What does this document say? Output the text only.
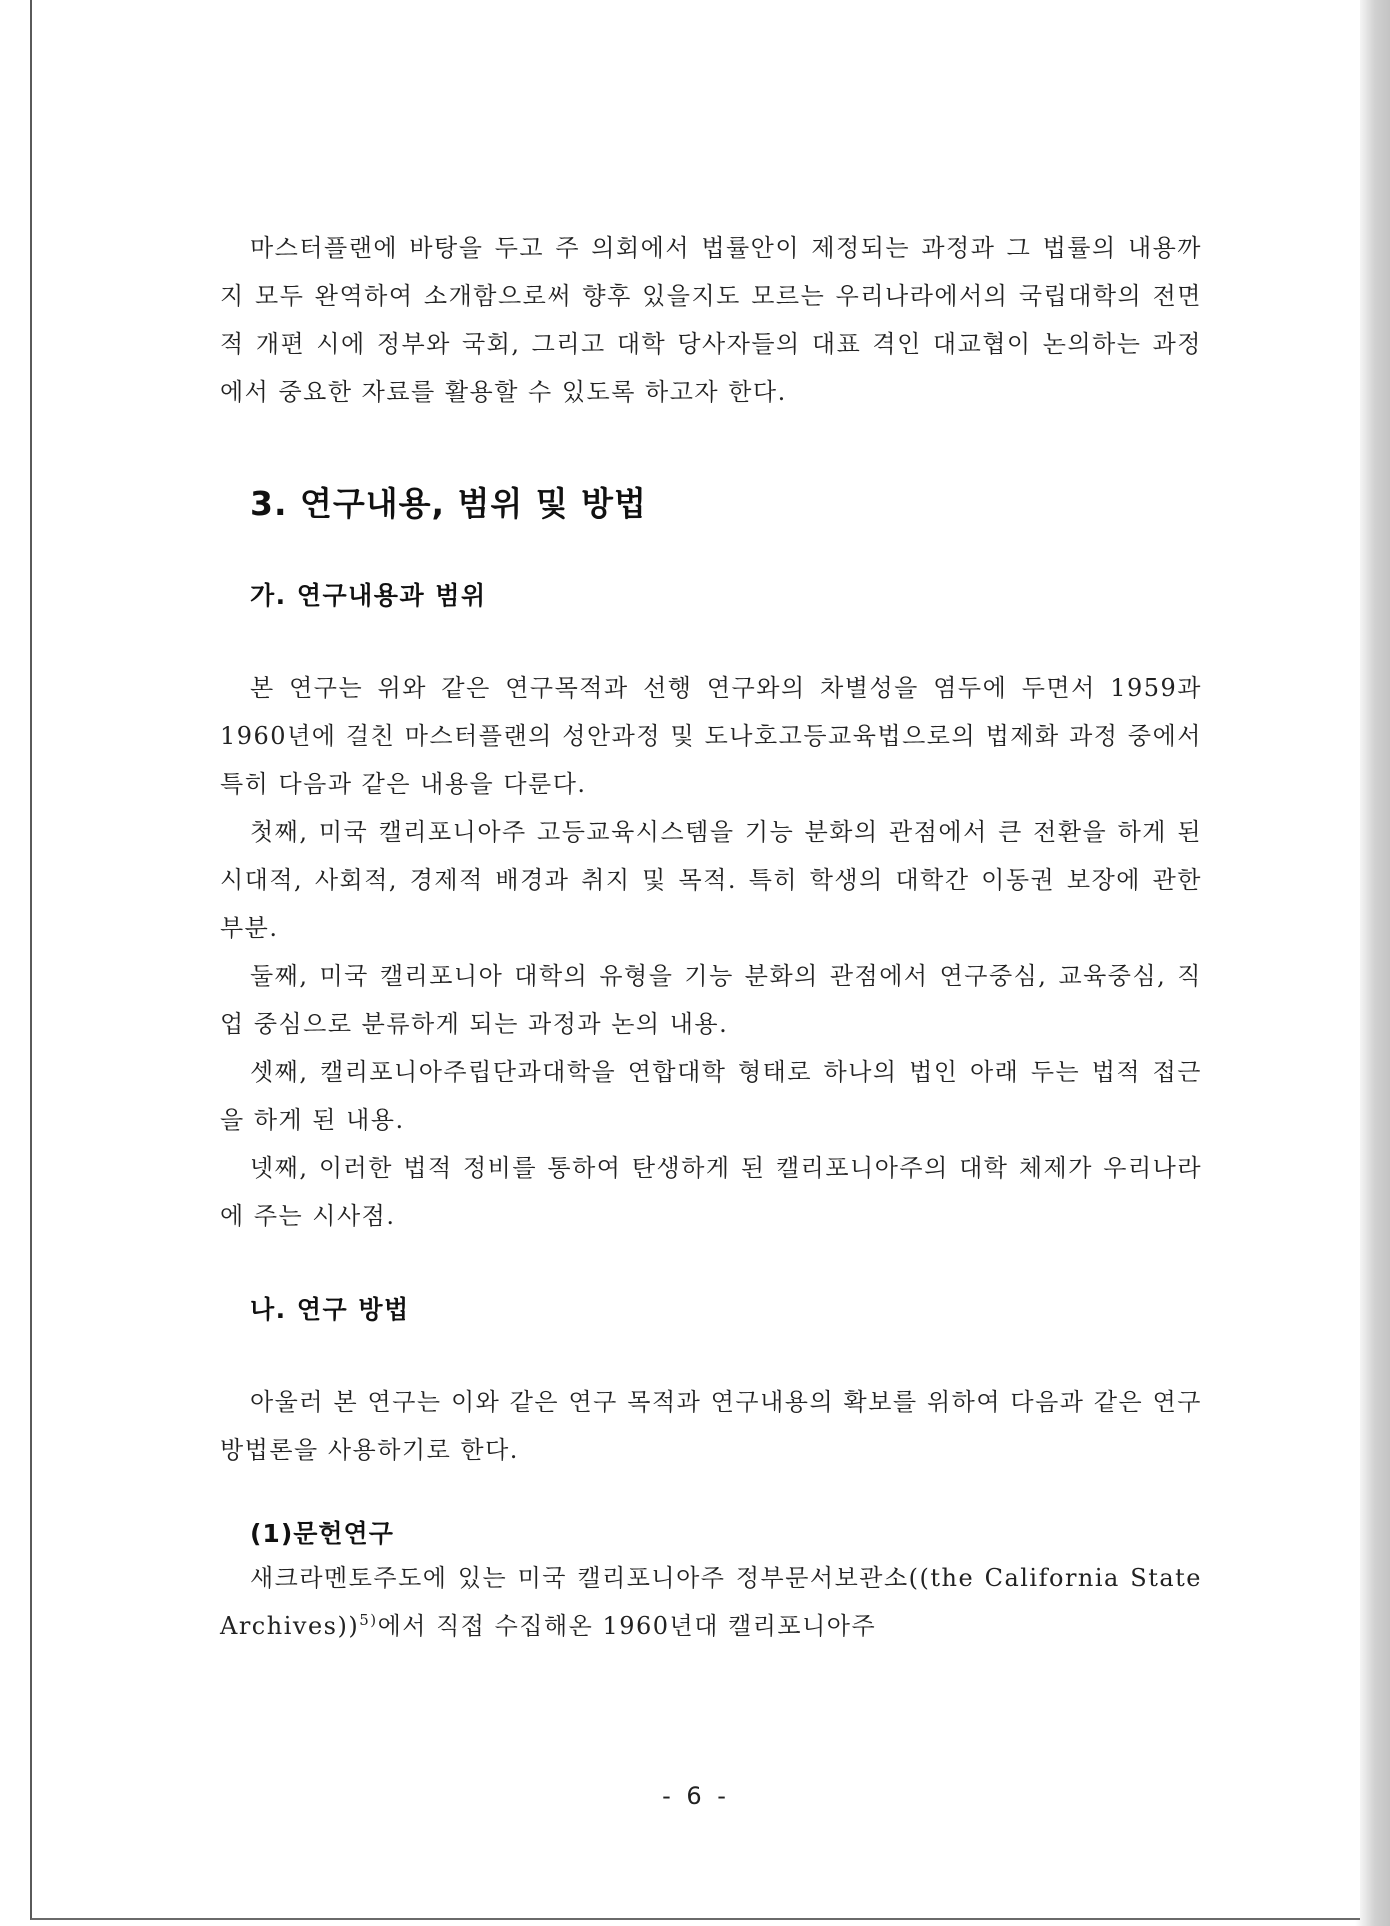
마스터플랜에 바탕을 두고 주 의회에서 법률안이 제정되는 과정과 그 법률의 내용까지 모두 완역하여 소개함으로써 향후 있을지도 모르는 우리나라에서의 국립대학의 전면적 개편 시에 정부와 국회, 그리고 대학 당사자들의 대표 격인 대교협이 논의하는 과정에서 중요한 자료를 활용할 수 있도록 하고자 한다.

3. 연구내용, 범위 및 방법
가. 연구내용과 범위

본 연구는 위와 같은 연구목적과 선행 연구와의 차별성을 염두에 두면서 1959과 1960년에 걸친 마스터플랜의 성안과정 및 도나호고등교육법으로의 법제화 과정 중에서 특히 다음과 같은 내용을 다룬다.

첫째, 미국 캘리포니아주 고등교육시스템을 기능 분화의 관점에서 큰 전환을 하게 된 시대적, 사회적, 경제적 배경과 취지 및 목적. 특히 학생의 대학간 이동권 보장에 관한 부분.

둘째, 미국 캘리포니아 대학의 유형을 기능 분화의 관점에서 연구중심, 교육중심, 직업 중심으로 분류하게 되는 과정과 논의 내용.

셋째, 캘리포니아주립단과대학을 연합대학 형태로 하나의 법인 아래 두는 법적 접근을 하게 된 내용.

넷째, 이러한 법적 정비를 통하여 탄생하게 된 캘리포니아주의 대학 체제가 우리나라에 주는 시사점.

나. 연구 방법

아울러 본 연구는 이와 같은 연구 목적과 연구내용의 확보를 위하여 다음과 같은 연구방법론을 사용하기로 한다.

(1)문헌연구

새크라멘토주도에 있는 미국 캘리포니아주 정부문서보관소((the California State Archives))$^{5)}$에서 직접 수집해온 1960년대 캘리포니아주

- 6 -
